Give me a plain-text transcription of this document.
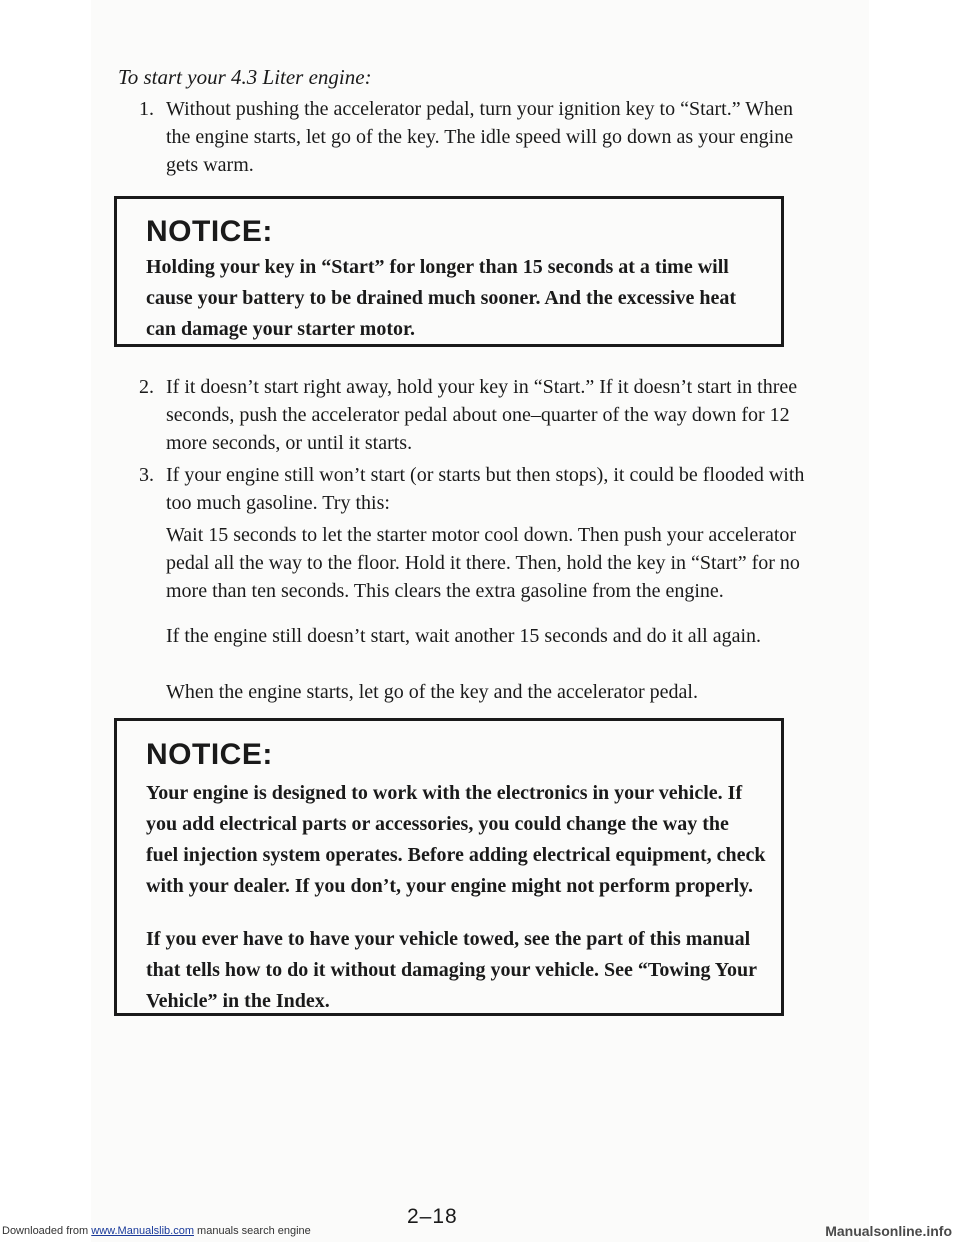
To start your 4.3 Liter engine:
1. Without pushing the accelerator pedal, turn your ignition key to “Start.” When the engine starts, let go of the key. The idle speed will go down as your engine gets warm.
NOTICE:
Holding your key in “Start” for longer than 15 seconds at a time will cause your battery to be drained much sooner. And the excessive heat can damage your starter motor.
2. If it doesn’t start right away, hold your key in “Start.” If it doesn’t start in three seconds, push the accelerator pedal about one–quarter of the way down for 12 more seconds, or until it starts.
3. If your engine still won’t start (or starts but then stops), it could be flooded with too much gasoline. Try this:
Wait 15 seconds to let the starter motor cool down. Then push your accelerator pedal all the way to the floor. Hold it there. Then, hold the key in “Start” for no more than ten seconds. This clears the extra gasoline from the engine.
If the engine still doesn’t start, wait another 15 seconds and do it all again.
When the engine starts, let go of the key and the accelerator pedal.
NOTICE:
Your engine is designed to work with the electronics in your vehicle. If you add electrical parts or accessories, you could change the way the fuel injection system operates. Before adding electrical equipment, check with your dealer. If you don’t, your engine might not perform properly.
If you ever have to have your vehicle towed, see the part of this manual that tells how to do it without damaging your vehicle. See “Towing Your Vehicle” in the Index.
2–18
Downloaded from www.Manualslib.com manuals search engine	Manualsonline.info
